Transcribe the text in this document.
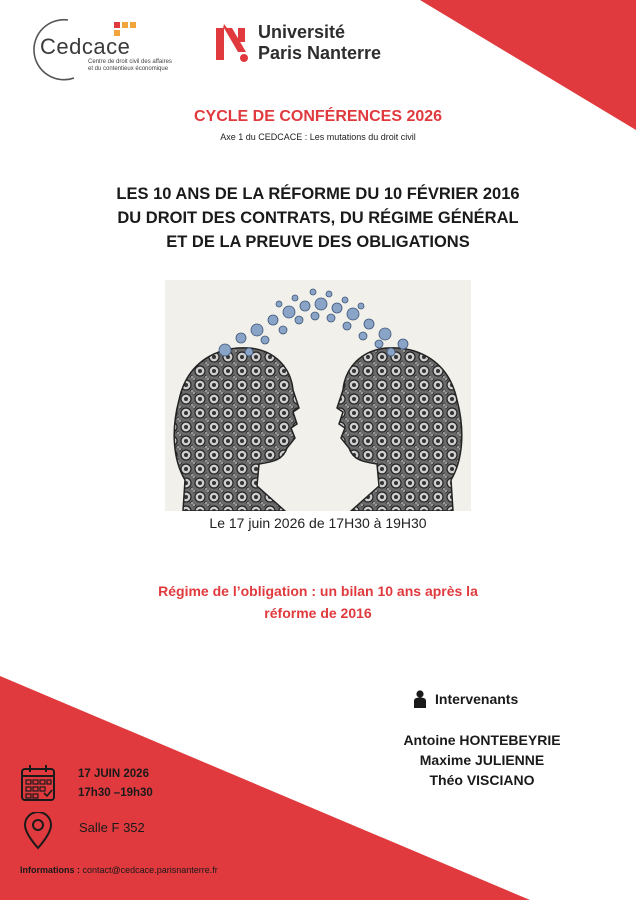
Cedcace
Centre de droit civil des affaires
et du contentieux économique
Université
Paris Nanterre
CYCLE DE CONFÉRENCES 2026
Axe 1 du CEDCACE : Les mutations du droit civil
LES 10 ANS DE LA RÉFORME DU 10 FÉVRIER 2016
DU DROIT DES CONTRATS, DU RÉGIME GÉNÉRAL
ET DE LA PREUVE DES OBLIGATIONS
Le 17 juin 2026 de 17H30 à 19H30
Régime de l’obligation : un bilan 10 ans après la
réforme de 2016
Intervenants
Antoine HONTEBEYRIE
Maxime JULIENNE
Théo VISCIANO
17 JUIN 2026
17h30 –19h30
Salle F 352
Informations : contact@cedcace.parisnanterre.fr
